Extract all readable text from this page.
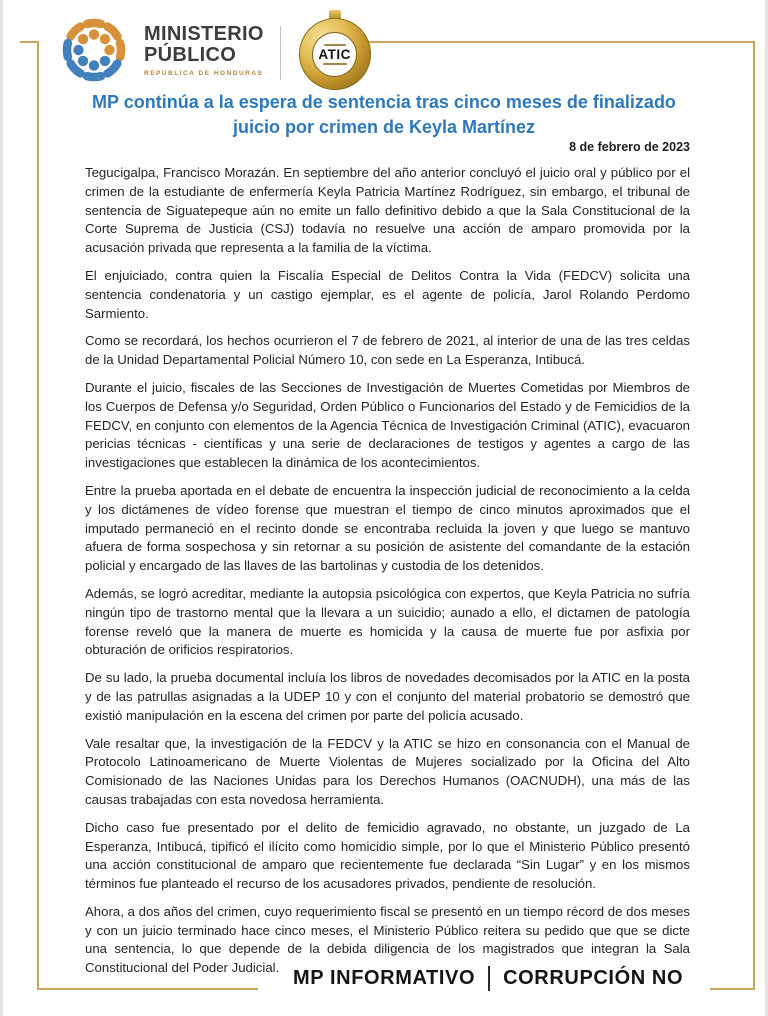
MINISTERIO
PÚBLICO
REPÚBLICA DE HONDURAS
ATIC
MP continúa a la espera de sentencia tras cinco meses de finalizado juicio por crimen de Keyla Martínez
8 de febrero de 2023

Tegucigalpa, Francisco Morazán. En septiembre del año anterior concluyó el juicio oral y público por el crimen de la estudiante de enfermería Keyla Patricia Martínez Rodríguez, sin embargo, el tribunal de sentencia de Siguatepeque aún no emite un fallo definitivo debido a que la Sala Constitucional de la Corte Suprema de Justicia (CSJ) todavía no resuelve una acción de amparo promovida por la acusación privada que representa a la familia de la víctima.

El enjuiciado, contra quien la Fiscalía Especial de Delitos Contra la Vida (FEDCV) solicita una sentencia condenatoria y un castigo ejemplar, es el agente de policía, Jarol Rolando Perdomo Sarmiento.

Como se recordará, los hechos ocurrieron el 7 de febrero de 2021, al interior de una de las tres celdas de la Unidad Departamental Policial Número 10, con sede en La Esperanza, Intibucá.

Durante el juicio, fiscales de las Secciones de Investigación de Muertes Cometidas por Miembros de los Cuerpos de Defensa y/o Seguridad, Orden Público o Funcionarios del Estado y de Femicidios de la FEDCV, en conjunto con elementos de la Agencia Técnica de Investigación Criminal (ATIC), evacuaron pericias técnicas - científicas y una serie de declaraciones de testigos y agentes a cargo de las investigaciones que establecen la dinámica de los acontecimientos.

Entre la prueba aportada en el debate de encuentra la inspección judicial de reconocimiento a la celda y los dictámenes de vídeo forense que muestran el tiempo de cinco minutos aproximados que el imputado permaneció en el recinto donde se encontraba recluida la joven y que luego se mantuvo afuera de forma sospechosa y sin retornar a su posición de asistente del comandante de la estación policial y encargado de las llaves de las bartolinas y custodia de los detenidos.

Además, se logró acreditar, mediante la autopsia psicológica con expertos, que Keyla Patricia no sufría ningún tipo de trastorno mental que la llevara a un suicidio; aunado a ello, el dictamen de patología forense reveló que la manera de muerte es homicida y la causa de muerte fue por asfixia por obturación de orificios respiratorios.

De su lado, la prueba documental incluía los libros de novedades decomisados por la ATIC en la posta y de las patrullas asignadas a la UDEP 10 y con el conjunto del material probatorio se demostró que existió manipulación en la escena del crimen por parte del policía acusado.

Vale resaltar que, la investigación de la FEDCV y la ATIC se hizo en consonancia con el Manual de Protocolo Latinoamericano de Muerte Violentas de Mujeres socializado por la Oficina del Alto Comisionado de las Naciones Unidas para los Derechos Humanos (OACNUDH), una más de las causas trabajadas con esta novedosa herramienta.

Dicho caso fue presentado por el delito de femicidio agravado, no obstante, un juzgado de La Esperanza, Intibucá, tipificó el ilícito como homicidio simple, por lo que el Ministerio Público presentó una acción constitucional de amparo que recientemente fue declarada “Sin Lugar” y en los mismos términos fue planteado el recurso de los acusadores privados, pendiente de resolución.

Ahora, a dos años del crimen, cuyo requerimiento fiscal se presentó en un tiempo récord de dos meses y con un juicio terminado hace cinco meses, el Ministerio Público reitera su pedido que que se dicte una sentencia, lo que depende de la debida diligencia de los magistrados que integran la Sala Constitucional del Poder Judicial. MP INFORMATIVO CORRUPCIÓN NO
